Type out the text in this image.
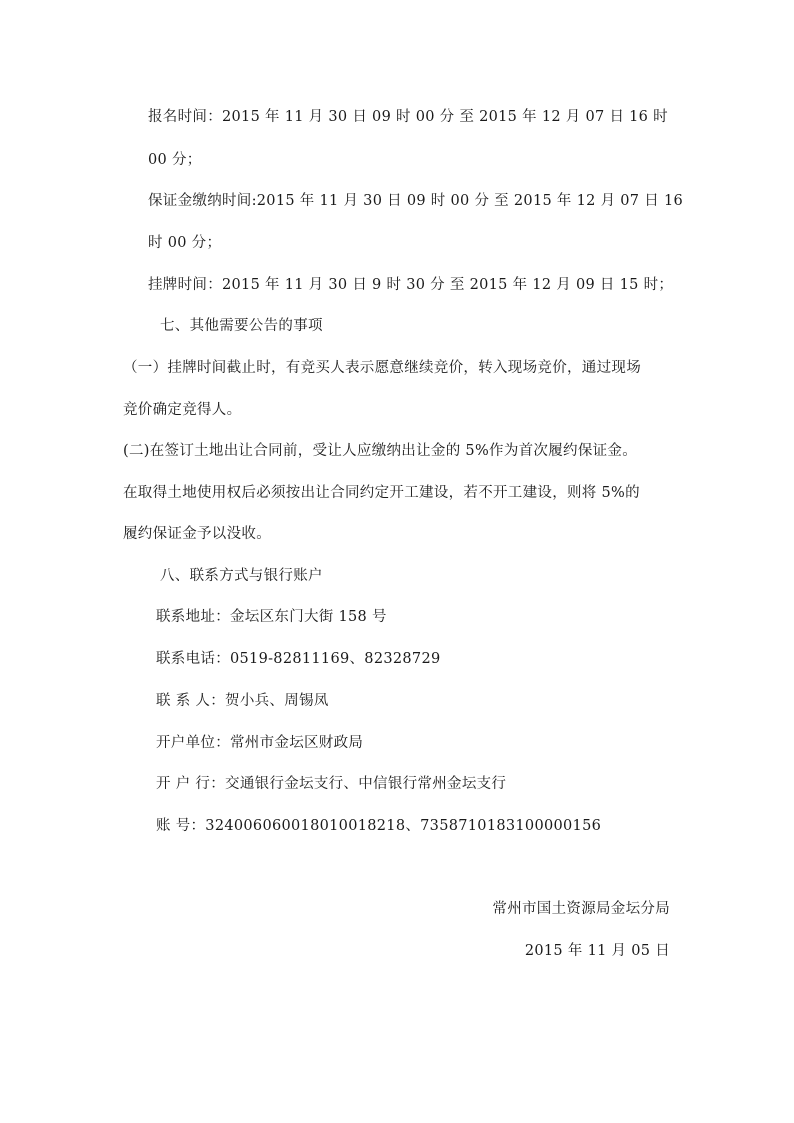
报名时间：2015 年 11 月 30 日 09 时 00 分 至 2015 年 12 月 07 日 16 时
00 分；
保证金缴纳时间:2015 年 11 月 30 日 09 时 00 分 至 2015 年 12 月 07 日 16
时 00 分；
挂牌时间：2015 年 11 月 30 日 9 时 30 分 至 2015 年 12 月 09 日 15 时；
七、其他需要公告的事项
（一）挂牌时间截止时，有竞买人表示愿意继续竞价，转入现场竞价，通过现场
竞价确定竞得人。
(二)在签订土地出让合同前，受让人应缴纳出让金的 5%作为首次履约保证金。
在取得土地使用权后必须按出让合同约定开工建设，若不开工建设，则将 5%的
履约保证金予以没收。
八、联系方式与银行账户
联系地址：金坛区东门大街 158 号
联系电话：0519-82811169、82328729
联 系 人：贺小兵、周锡凤
开户单位：常州市金坛区财政局
开 户 行：交通银行金坛支行、中信银行常州金坛支行
账 号：3240060600180100182​18、7358710183100000156
常州市国土资源局金坛分局
2015 年 11 月 05 日
